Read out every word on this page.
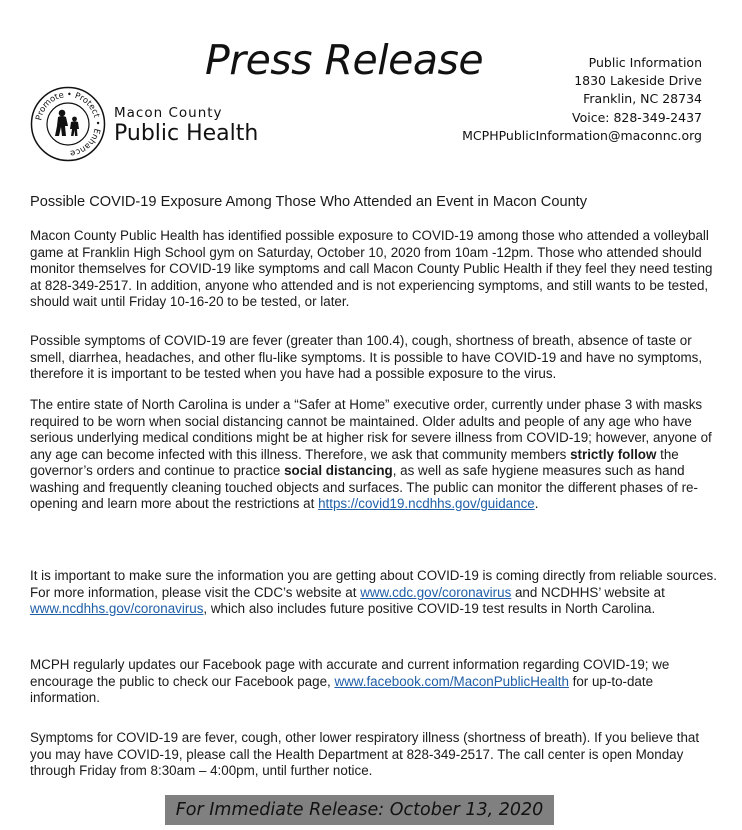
Press Release	Public Information
1830 Lakeside Drive
Franklin, NC 28734
Voice: 828-349-2437
MCPHPublicInformation@maconnc.org
Promote • Protect • Enhance
Macon County
Public Health
Possible COVID-19 Exposure Among Those Who Attended an Event in Macon County
Macon County Public Health has identified possible exposure to COVID-19 among those who attended a volleyball game at Franklin High School gym on Saturday, October 10, 2020 from 10am -12pm. Those who attended should monitor themselves for COVID-19 like symptoms and call Macon County Public Health if they feel they need testing at 828-349-2517. In addition, anyone who attended and is not experiencing symptoms, and still wants to be tested, should wait until Friday 10-16-20 to be tested, or later.
Possible symptoms of COVID-19 are fever (greater than 100.4), cough, shortness of breath, absence of taste or smell, diarrhea, headaches, and other flu-like symptoms. It is possible to have COVID-19 and have no symptoms, therefore it is important to be tested when you have had a possible exposure to the virus.
The entire state of North Carolina is under a “Safer at Home” executive order, currently under phase 3 with masks required to be worn when social distancing cannot be maintained. Older adults and people of any age who have serious underlying medical conditions might be at higher risk for severe illness from COVID-19; however, anyone of any age can become infected with this illness. Therefore, we ask that community members strictly follow the governor’s orders and continue to practice social distancing, as well as safe hygiene measures such as hand washing and frequently cleaning touched objects and surfaces. The public can monitor the different phases of re-opening and learn more about the restrictions at https://covid19.ncdhhs.gov/guidance.
It is important to make sure the information you are getting about COVID-19 is coming directly from reliable sources. For more information, please visit the CDC’s website at www.cdc.gov/coronavirus and NCDHHS’ website at www.ncdhhs.gov/coronavirus, which also includes future positive COVID-19 test results in North Carolina.
MCPH regularly updates our Facebook page with accurate and current information regarding COVID-19; we encourage the public to check our Facebook page, www.facebook.com/MaconPublicHealth for up-to-date information.
Symptoms for COVID-19 are fever, cough, other lower respiratory illness (shortness of breath). If you believe that you may have COVID-19, please call the Health Department at 828-349-2517. The call center is open Monday through Friday from 8:30am – 4:00pm, until further notice.
For Immediate Release: October 13, 2020
